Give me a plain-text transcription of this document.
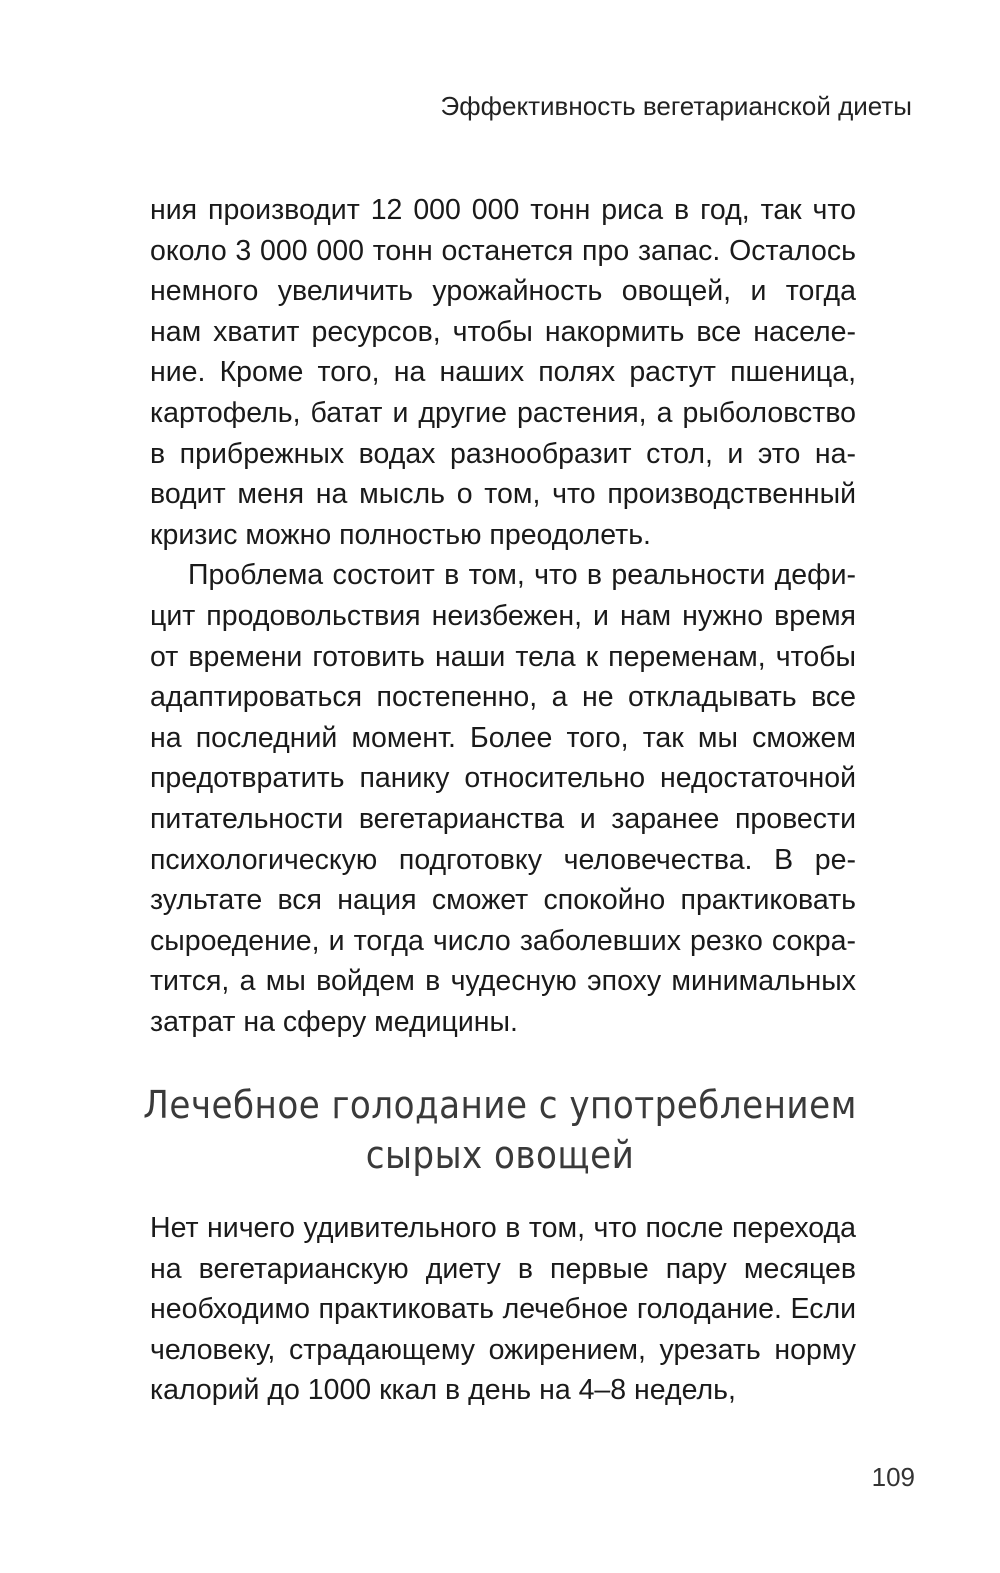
Эффективность вегетарианской диеты

ния производит 12 000 000 тонн риса в год, так что около 3 000 000 тонн останется про запас. Осталось немного увеличить урожайность овощей, и тогда нам хватит ресурсов, чтобы накормить все население. Кроме того, на наших полях растут пшеница, картофель, батат и другие растения, а рыболовство в прибрежных водах разнообразит стол, и это наводит меня на мысль о том, что производственный кризис можно полностью преодолеть.

Проблема состоит в том, что в реальности дефицит продовольствия неизбежен, и нам нужно время от времени готовить наши тела к переменам, чтобы адаптироваться постепенно, а не откладывать все на последний момент. Более того, так мы сможем предотвратить панику относительно недостаточной питательности вегетарианства и заранее провести психологическую подготовку человечества. В результате вся нация сможет спокойно практиковать сыроедение, и тогда число заболевших резко сократится, а мы войдем в чудесную эпоху минимальных затрат на сферу медицины.

Лечебное голодание с употреблением
сырых овощей

Нет ничего удивительного в том, что после перехода на вегетарианскую диету в первые пару месяцев необходимо практиковать лечебное голодание. Если человеку, страдающему ожирением, урезать норму калорий до 1000 ккал в день на 4–8 недель,

109
